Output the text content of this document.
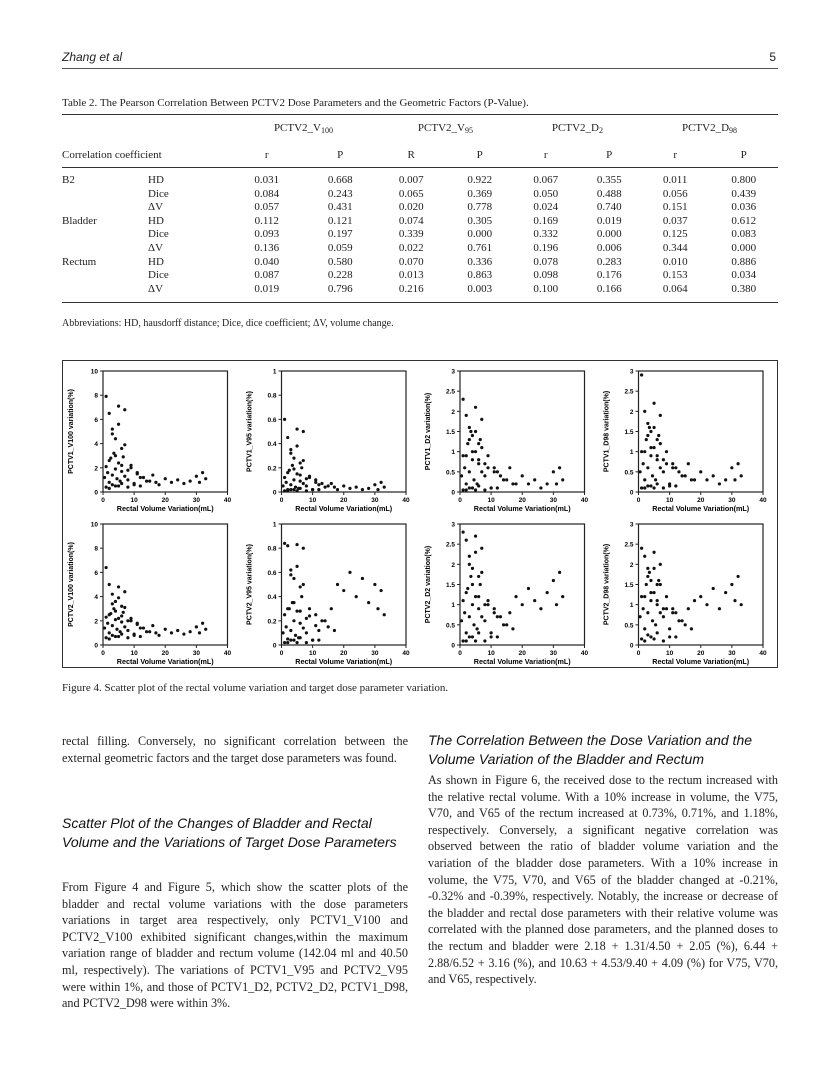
Zhang et al	5
Table 2. The Pearson Correlation Between PCTV2 Dose Parameters and the Geometric Factors (P-Value).
		$PCTV2\_V_{100}$		$PCTV2\_V_{95}$		$PCTV2\_D_2$		$PCTV2\_D_{98}$
Correlation coefficient		r	P	R	P	r	P	r	P

B2	HD	0.031	0.668	0.007	0.922	0.067	0.355	0.011	0.800
	Dice	0.084	0.243	0.065	0.369	0.050	0.488	0.056	0.439
	ΔV	0.057	0.431	0.020	0.778	0.024	0.740	0.151	0.036
Bladder	HD	0.112	0.121	0.074	0.305	0.169	0.019	0.037	0.612
	Dice	0.093	0.197	0.339	0.000	0.332	0.000	0.125	0.083
	ΔV	0.136	0.059	0.022	0.761	0.196	0.006	0.344	0.000
Rectum	HD	0.040	0.580	0.070	0.336	0.078	0.283	0.010	0.886
	Dice	0.087	0.228	0.013	0.863	0.098	0.176	0.153	0.034
	ΔV	0.019	0.796	0.216	0.003	0.100	0.166	0.064	0.380

Abbreviations: HD, hausdorff distance; Dice, dice coefficient; ΔV, volume change.
0
2
4
6
8
10
0	10	20	30	40
Rectal Volume Variation(mL)
PCTV1_V100 variation(%)
0
0.2
0.4
0.6
0.8
1
0	10	20	30	40
Rectal Volume Variation(mL)
PCTV1_V95 variation(%)
0
0.5
1
1.5
2
2.5
3
0	10	20	30	40
Rectal Volume Variation(mL)
PCTV1_D2 variation(%)
0
0.5
1
1.5
2
2.5
3
0	10	20	30	40
Rectal Volume Variation(mL)
PCTV1_D98 variation(%)
0
2
4
6
8
10
0	10	20	30	40
Rectal Volume Variation(mL)
PCTV2_V100 variation(%)
0
0.2
0.4
0.6
0.8
1
0	10	20	30	40
Rectal Volume Variation(mL)
PCTV2_V95 variation(%)
0
0.5
1
1.5
2
2.5
3
0	10	20	30	40
Rectal Volume Variation(mL)
PCTV2_D2 variation(%)
0
0.5
1
1.5
2
2.5
3
0	10	20	30	40
Rectal Volume Variation(mL)
PCTV2_D98 variation(%)
Figure 4. Scatter plot of the rectal volume variation and target dose parameter variation.

rectal filling. Conversely, no significant correlation between the external geometric factors and the target dose parameters was found.

Scatter Plot of the Changes of Bladder and Rectal Volume and the Variations of Target Dose Parameters

From Figure 4 and Figure 5, which show the scatter plots of the bladder and rectal volume variations with the dose parameters variations in target area respectively, only PCTV1_V100 and PCTV2_V100 exhibited significant changes,within the maximum variation range of bladder and rectum volume (142.04 ml and 40.50 ml, respectively). The variations of PCTV1_V95 and PCTV2_V95 were within 1%, and those of PCTV1_D2, PCTV2_D2, PCTV1_D98, and PCTV2_D98 were within 3%.

The Correlation Between the Dose Variation and the Volume Variation of the Bladder and Rectum

As shown in Figure 6, the received dose to the rectum increased with the relative rectal volume. With a 10% increase in volume, the V75, V70, and V65 of the rectum increased at 0.73%, 0.71%, and 1.18%, respectively. Conversely, a significant negative correlation was observed between the ratio of bladder volume variation and the variation of the bladder dose parameters. With a 10% increase in volume, the V75, V70, and V65 of the bladder changed at -0.21%, -0.32% and -0.39%, respectively. Notably, the increase or decrease of the bladder and rectal dose parameters with their relative volume was correlated with the planned dose parameters, and the planned doses to the rectum and bladder were 2.18 + 1.31/4.50 + 2.05 (%), 6.44 + 2.88/6.52 + 3.16 (%), and 10.63 + 4.53/9.40 + 4.09 (%) for V75, V70, and V65, respectively.
